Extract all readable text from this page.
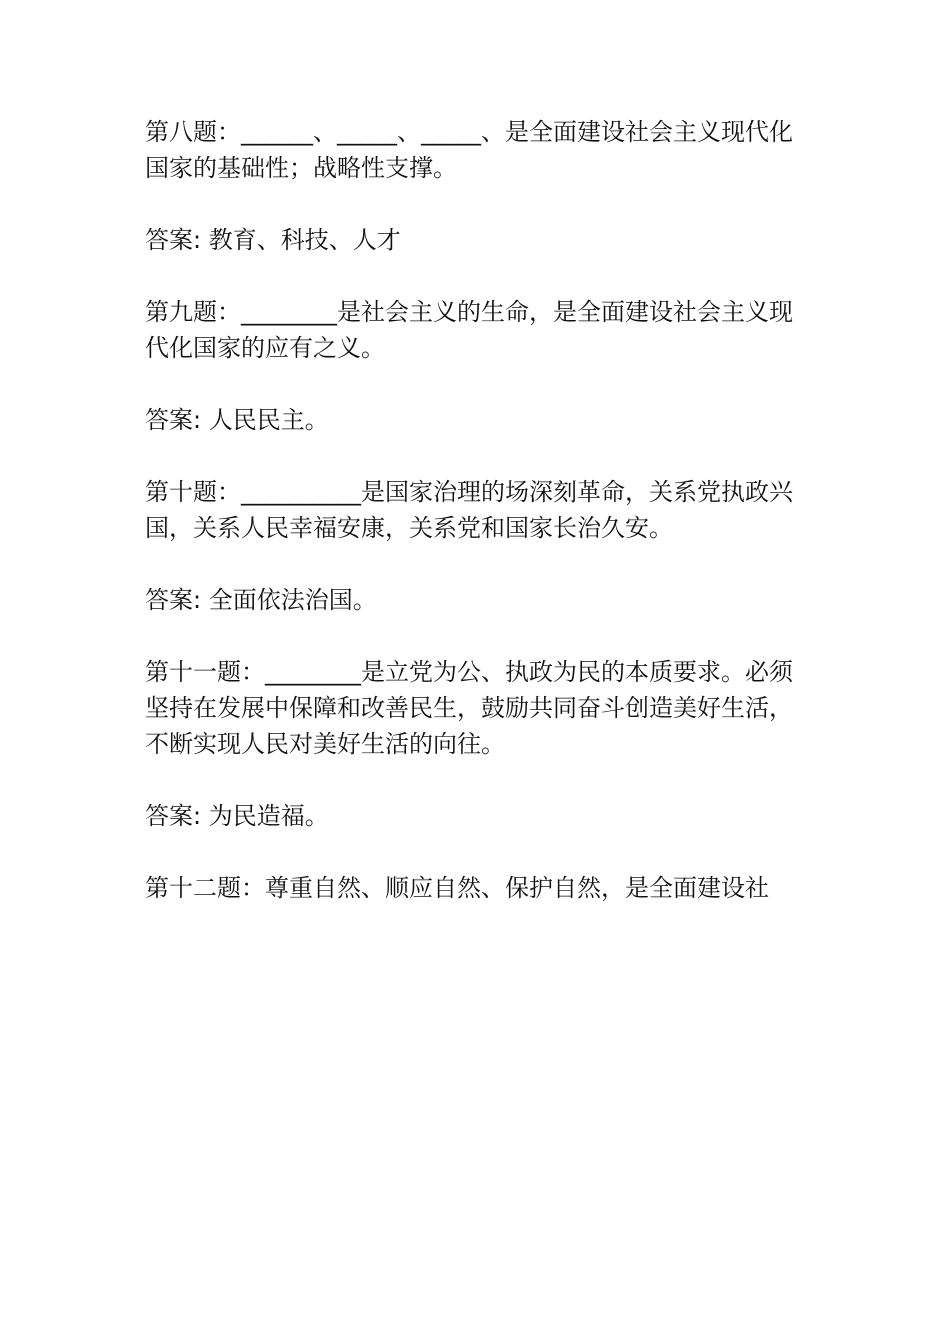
第八题：______、_____、_____、是全面建设社会主义现代化国家的基础性；战略性支撑。

答案: 教育、科技、人才

第九题：________是社会主义的生命，是全面建设社会主义现代化国家的应有之义。

答案: 人民民主。

第十题：__________是国家治理的场深刻革命，关系党执政兴国，关系人民幸福安康，关系党和国家长治久安。

答案: 全面依法治国。

第十一题：________是立党为公、执政为民的本质要求。必须坚持在发展中保障和改善民生，鼓励共同奋斗创造美好生活，不断实现人民对美好生活的向往。

答案: 为民造福。

第十二题：尊重自然、顺应自然、保护自然，是全面建设社
